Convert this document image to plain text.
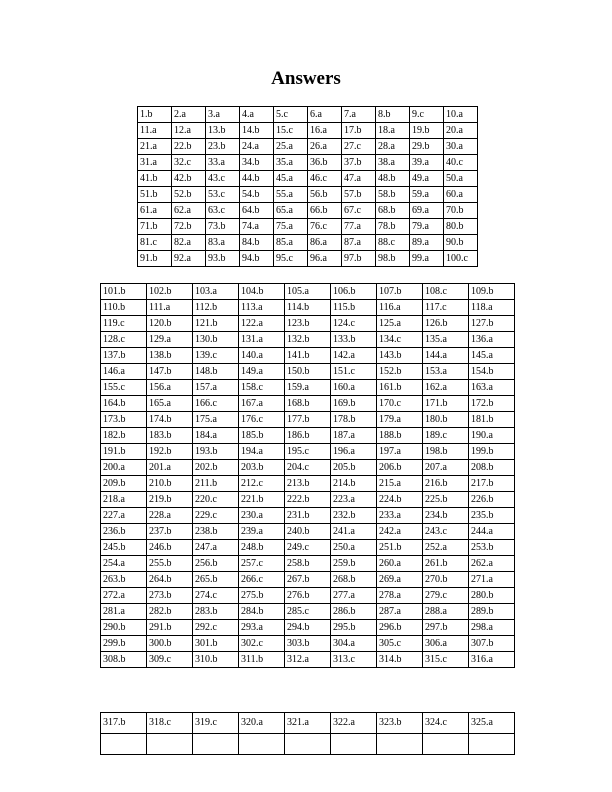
Answers
1.b	2.a	3.a	4.a	5.c	6.a	7.a	8.b	9.c	10.a
11.a	12.a	13.b	14.b	15.c	16.a	17.b	18.a	19.b	20.a
21.a	22.b	23.b	24.a	25.a	26.a	27.c	28.a	29.b	30.a
31.a	32.c	33.a	34.b	35.a	36.b	37.b	38.a	39.a	40.c
41.b	42.b	43.c	44.b	45.a	46.c	47.a	48.b	49.a	50.a
51.b	52.b	53.c	54.b	55.a	56.b	57.b	58.b	59.a	60.a
61.a	62.a	63.c	64.b	65.a	66.b	67.c	68.b	69.a	70.b
71.b	72.b	73.b	74.a	75.a	76.c	77.a	78.b	79.a	80.b
81.c	82.a	83.a	84.b	85.a	86.a	87.a	88.c	89.a	90.b
91.b	92.a	93.b	94.b	95.c	96.a	97.b	98.b	99.a	100.c
101.b	102.b	103.a	104.b	105.a	106.b	107.b	108.c	109.b
110.b	111.a	112.b	113.a	114.b	115.b	116.a	117.c	118.a
119.c	120.b	121.b	122.a	123.b	124.c	125.a	126.b	127.b
128.c	129.a	130.b	131.a	132.b	133.b	134.c	135.a	136.a
137.b	138.b	139.c	140.a	141.b	142.a	143.b	144.a	145.a
146.a	147.b	148.b	149.a	150.b	151.c	152.b	153.a	154.b
155.c	156.a	157.a	158.c	159.a	160.a	161.b	162.a	163.a
164.b	165.a	166.c	167.a	168.b	169.b	170.c	171.b	172.b
173.b	174.b	175.a	176.c	177.b	178.b	179.a	180.b	181.b
182.b	183.b	184.a	185.b	186.b	187.a	188.b	189.c	190.a
191.b	192.b	193.b	194.a	195.c	196.a	197.a	198.b	199.b
200.a	201.a	202.b	203.b	204.c	205.b	206.b	207.a	208.b
209.b	210.b	211.b	212.c	213.b	214.b	215.a	216.b	217.b
218.a	219.b	220.c	221.b	222.b	223.a	224.b	225.b	226.b
227.a	228.a	229.c	230.a	231.b	232.b	233.a	234.b	235.b
236.b	237.b	238.b	239.a	240.b	241.a	242.a	243.c	244.a
245.b	246.b	247.a	248.b	249.c	250.a	251.b	252.a	253.b
254.a	255.b	256.b	257.c	258.b	259.b	260.a	261.b	262.a
263.b	264.b	265.b	266.c	267.b	268.b	269.a	270.b	271.a
272.a	273.b	274.c	275.b	276.b	277.a	278.a	279.c	280.b
281.a	282.b	283.b	284.b	285.c	286.b	287.a	288.a	289.b
290.b	291.b	292.c	293.a	294.b	295.b	296.b	297.b	298.a
299.b	300.b	301.b	302.c	303.b	304.a	305.c	306.a	307.b
308.b	309.c	310.b	311.b	312.a	313.c	314.b	315.c	316.a
317.b	318.c	319.c	320.a	321.a	322.a	323.b	324.c	325.a
